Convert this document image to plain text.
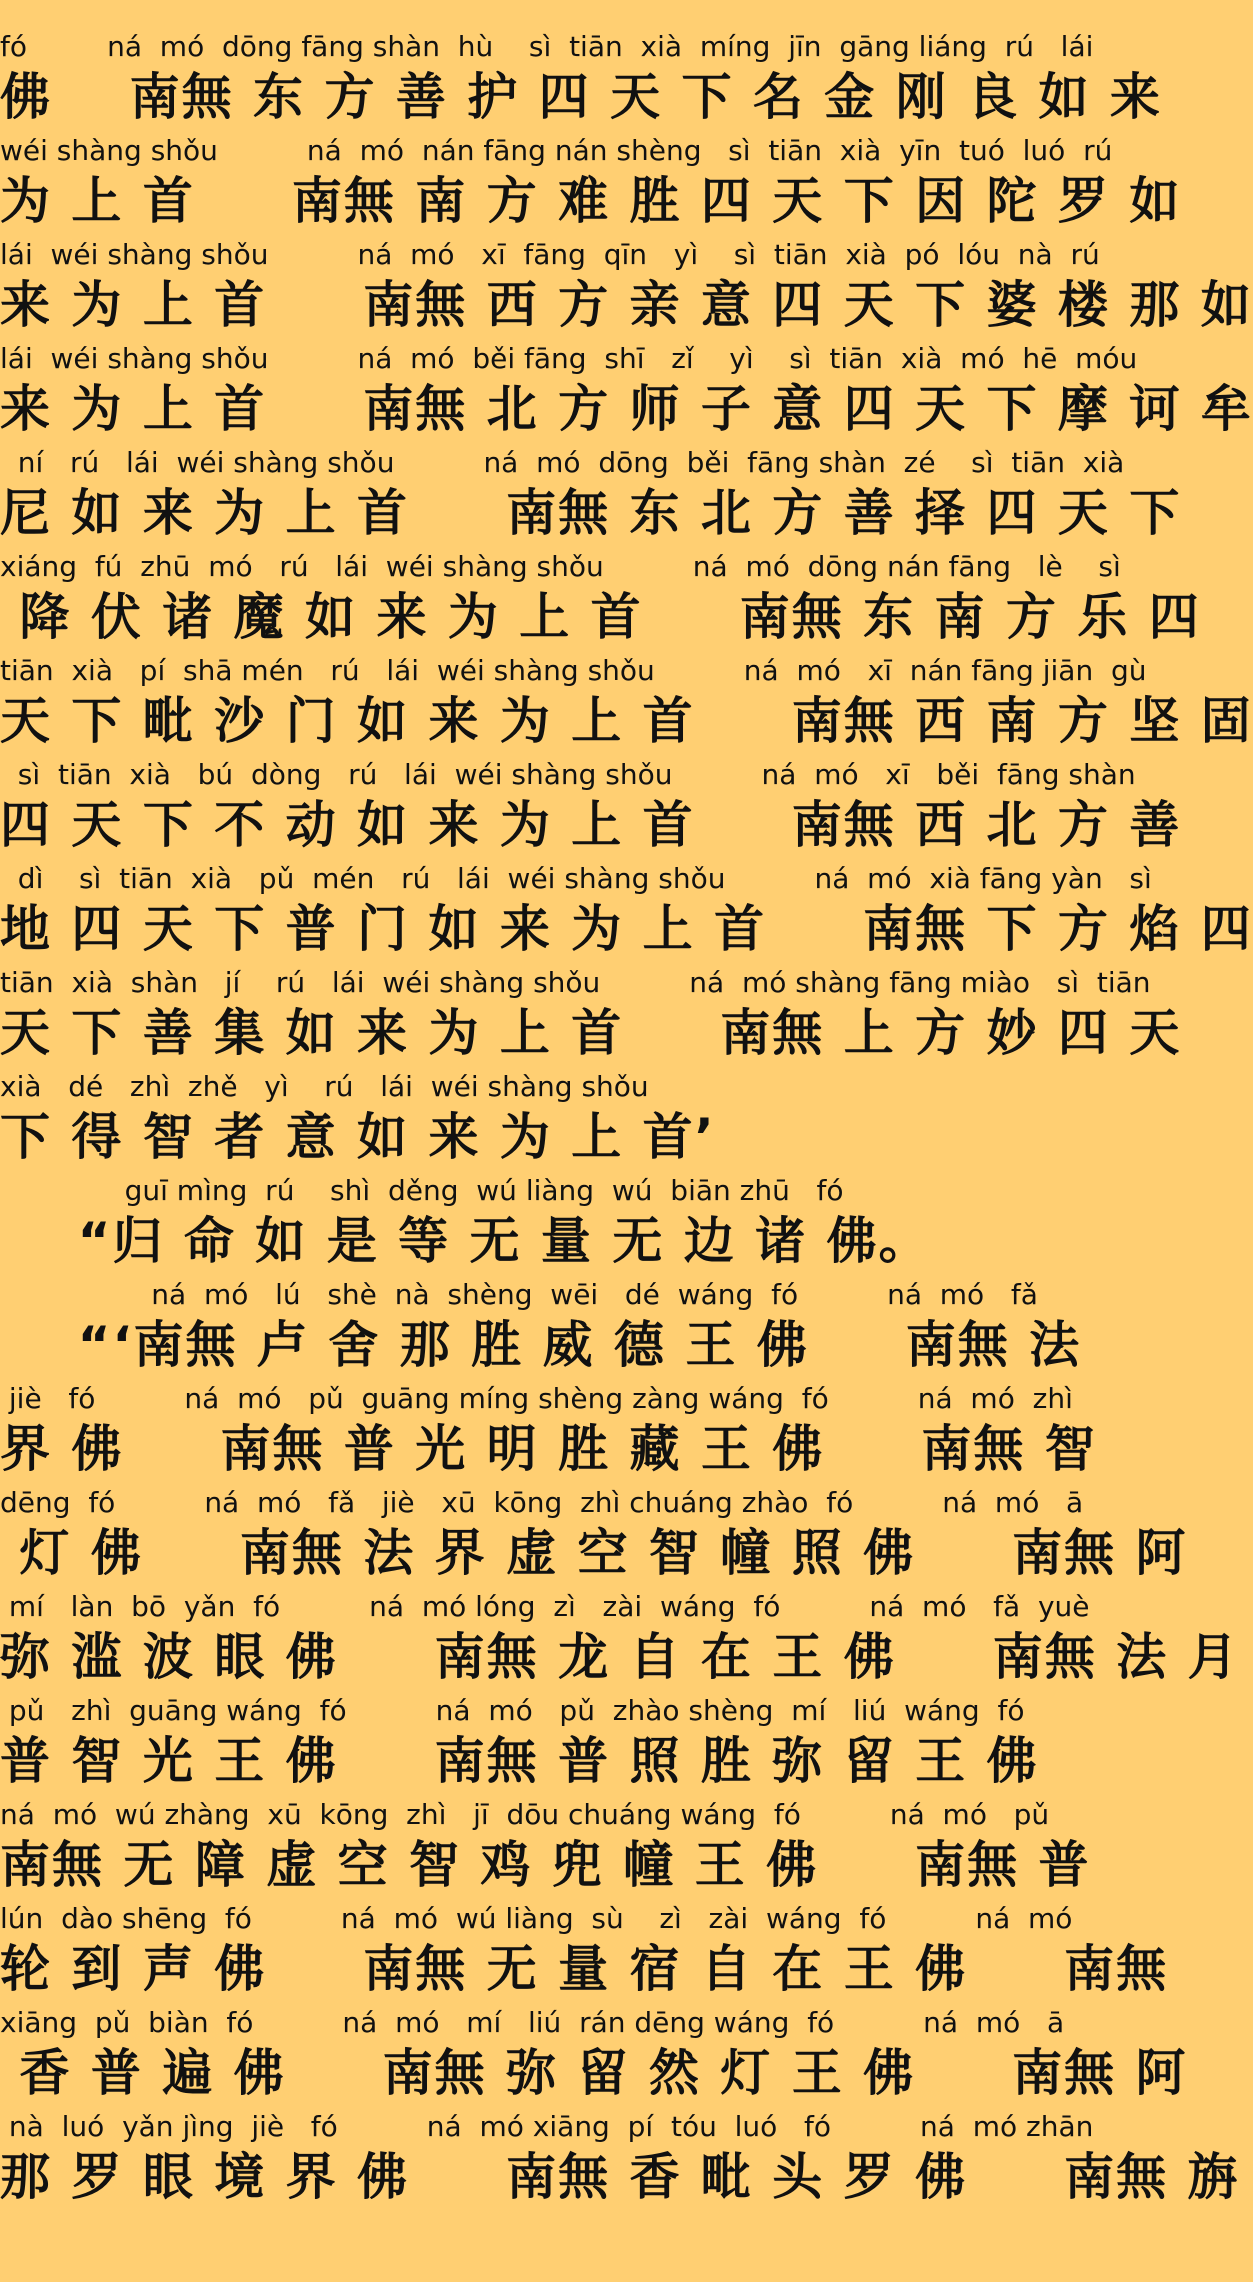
fó         ná  mó  dōng fāng shàn  hù    sì  tiān  xià  míng  jīn  gāng liáng  rú   lái
佛    南無 东 方 善 护 四 天 下 名 金 刚 良 如 来
wéi shàng shǒu          ná  mó  nán fāng nán shèng   sì  tiān  xià  yīn  tuó  luó  rú
为 上 首     南無 南 方 难 胜 四 天 下 因 陀 罗 如
lái  wéi shàng shǒu          ná  mó   xī  fāng  qīn   yì    sì  tiān  xià  pó  lóu  nà  rú
来 为 上 首     南無 西 方 亲 意 四 天 下 婆 楼 那 如
lái  wéi shàng shǒu          ná  mó  běi fāng  shī   zǐ    yì    sì  tiān  xià  mó  hē  móu
来 为 上 首     南無 北 方 师 子 意 四 天 下 摩 诃 牟
ní   rú   lái  wéi shàng shǒu          ná  mó  dōng  běi  fāng shàn  zé    sì  tiān  xià
尼 如 来 为 上 首     南無 东 北 方 善 择 四 天 下
xiáng  fú  zhū  mó   rú   lái  wéi shàng shǒu          ná  mó  dōng nán fāng   lè    sì
降 伏 诸 魔 如 来 为 上 首     南無 东 南 方 乐 四
tiān  xià   pí  shā mén   rú   lái  wéi shàng shǒu          ná  mó   xī  nán fāng jiān  gù
天 下 毗 沙 门 如 来 为 上 首     南無 西 南 方 坚 固
sì  tiān  xià   bú  dòng   rú   lái  wéi shàng shǒu          ná  mó   xī   běi  fāng shàn
四 天 下 不 动 如 来 为 上 首     南無 西 北 方 善
dì    sì  tiān  xià   pǔ  mén   rú   lái  wéi shàng shǒu          ná  mó  xià fāng yàn   sì
地 四 天 下 普 门 如 来 为 上 首     南無 下 方 焰 四
tiān  xià  shàn   jí    rú   lái  wéi shàng shǒu          ná  mó shàng fāng miào   sì  tiān
天 下 善 集 如 来 为 上 首     南無 上 方 妙 四 天
xià   dé   zhì  zhě   yì    rú   lái  wéi shàng shǒu
下 得 智 者 意 如 来 为 上 首’
guī mìng  rú    shì  děng  wú liàng  wú  biān zhū   fó
“归 命 如 是 等 无 量 无 边 诸 佛。
ná  mó   lú   shè  nà  shèng  wēi   dé  wáng  fó          ná  mó   fǎ
“‘南無 卢 舍 那 胜 威 德 王 佛     南無 法
jiè   fó          ná  mó   pǔ  guāng míng shèng zàng wáng  fó          ná  mó  zhì
界 佛     南無 普 光 明 胜 藏 王 佛     南無 智
dēng  fó          ná  mó   fǎ   jiè   xū  kōng  zhì chuáng zhào  fó          ná  mó   ā
灯 佛     南無 法 界 虚 空 智 幢 照 佛     南無 阿
mí   làn  bō  yǎn  fó          ná  mó lóng  zì   zài  wáng  fó          ná  mó   fǎ  yuè
弥 滥 波 眼 佛     南無 龙 自 在 王 佛     南無 法 月
pǔ   zhì  guāng wáng  fó          ná  mó   pǔ  zhào shèng  mí   liú  wáng  fó
普 智 光 王 佛     南無 普 照 胜 弥 留 王 佛
ná  mó  wú zhàng  xū  kōng  zhì   jī  dōu chuáng wáng  fó          ná  mó   pǔ
南無 无 障 虚 空 智 鸡 兜 幢 王 佛     南無 普
lún  dào shēng  fó          ná  mó  wú liàng  sù    zì   zài  wáng  fó          ná  mó
轮 到 声 佛     南無 无 量 宿 自 在 王 佛     南無
xiāng  pǔ  biàn  fó          ná  mó   mí   liú  rán dēng wáng  fó          ná  mó   ā
香 普 遍 佛     南無 弥 留 然 灯 王 佛     南無 阿
nà  luó  yǎn jìng  jiè   fó          ná  mó xiāng  pí  tóu  luó   fó          ná  mó zhān
那 罗 眼 境 界 佛     南無 香 毗 头 罗 佛     南無 旃
